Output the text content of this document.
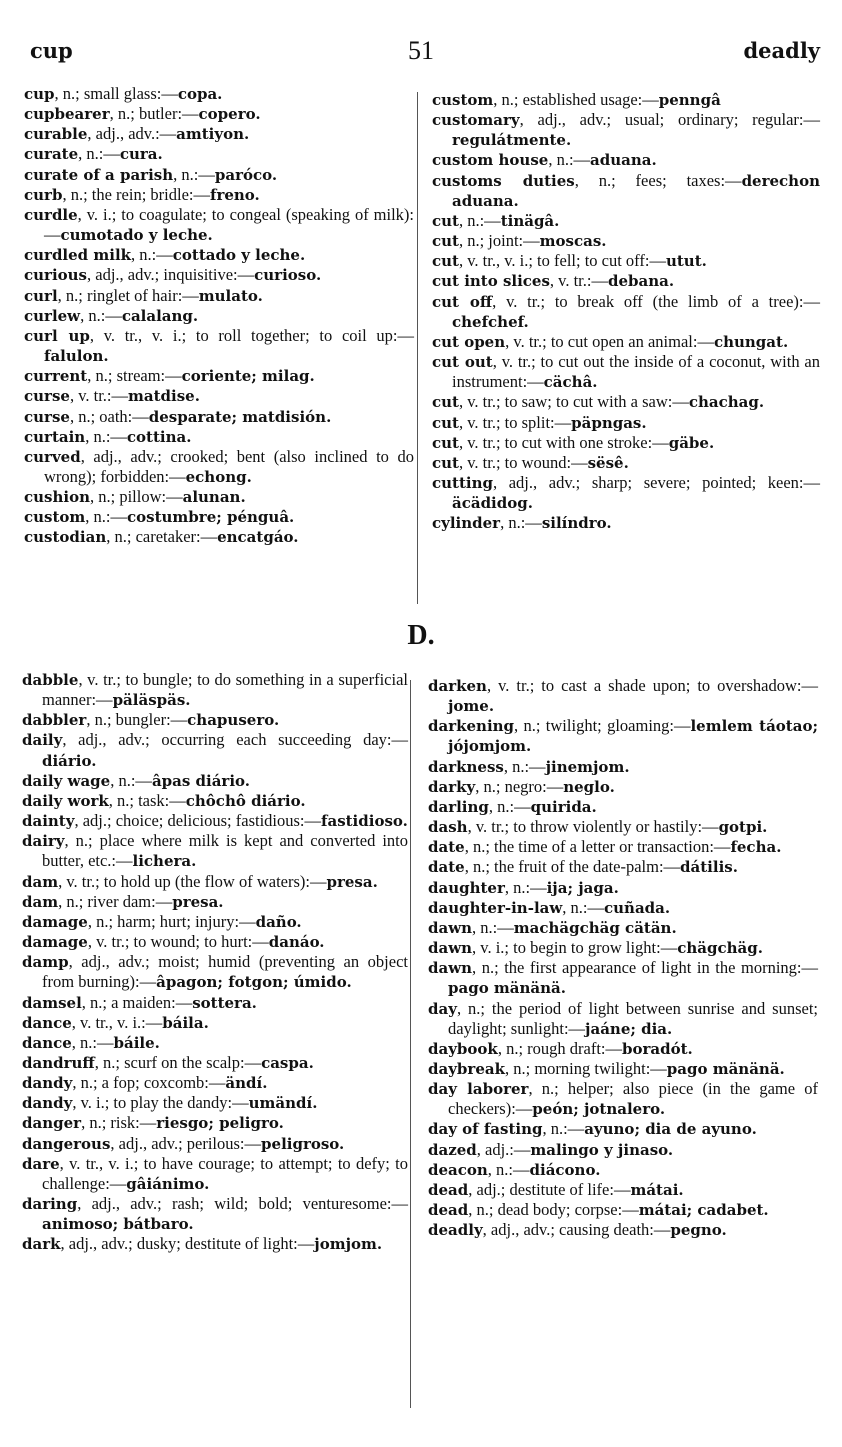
cup	51	deadly
cup, n.; small glass:—copa.
cupbearer, n.; butler:—copero.
curable, adj., adv.:—amtiyon.
curate, n.:—cura.
curate of a parish, n.:—paróco.
curb, n.; the rein; bridle:—freno.
curdle, v. i.; to coagulate; to congeal (speaking of milk):—cumotado y leche.
curdled milk, n.:—cottado y leche.
curious, adj., adv.; inquisitive:—curioso.
curl, n.; ringlet of hair:—mulato.
curlew, n.:—calalang.
curl up, v. tr., v. i.; to roll together; to coil up:—falulon.
current, n.; stream:—coriente; milag.
curse, v. tr.:—matdise.
curse, n.; oath:—desparate; matdisión.
curtain, n.:—cottina.
curved, adj., adv.; crooked; bent (also inclined to do wrong); forbidden:—echong.
cushion, n.; pillow:—alunan.
custom, n.:—costumbre; pénguâ.
custodian, n.; caretaker:—encatgáo.
custom, n.; established usage:—penngâ
customary, adj., adv.; usual; ordinary; regular:—regulátmente.
custom house, n.:—aduana.
customs duties, n.; fees; taxes:—derechon aduana.
cut, n.:—tinägâ.
cut, n.; joint:—moscas.
cut, v. tr., v. i.; to fell; to cut off:—utut.
cut into slices, v. tr.:—debana.
cut off, v. tr.; to break off (the limb of a tree):—chefchef.
cut open, v. tr.; to cut open an animal:—chungat.
cut out, v. tr.; to cut out the inside of a coconut, with an instrument:—cächâ.
cut, v. tr.; to saw; to cut with a saw:—chachag.
cut, v. tr.; to split:—päpngas.
cut, v. tr.; to cut with one stroke:—gäbe.
cut, v. tr.; to wound:—sësê.
cutting, adj., adv.; sharp; severe; pointed; keen:—äcädidog.
cylinder, n.:—silíndro.
D.
dabble, v. tr.; to bungle; to do something in a superficial manner:—päläspäs.
dabbler, n.; bungler:—chapusero.
daily, adj., adv.; occurring each succeeding day:—diário.
daily wage, n.:—âpas diário.
daily work, n.; task:—chôchô diário.
dainty, adj.; choice; delicious; fastidious:—fastidioso.
dairy, n.; place where milk is kept and converted into butter, etc.:—lichera.
dam, v. tr.; to hold up (the flow of waters):—presa.
dam, n.; river dam:—presa.
damage, n.; harm; hurt; injury:—daño.
damage, v. tr.; to wound; to hurt:—danáo.
damp, adj., adv.; moist; humid (preventing an object from burning):—âpagon; fotgon; úmido.
damsel, n.; a maiden:—sottera.
dance, v. tr., v. i.:—báila.
dance, n.:—báile.
dandruff, n.; scurf on the scalp:—caspa.
dandy, n.; a fop; coxcomb:—ändí.
dandy, v. i.; to play the dandy:—umändí.
danger, n.; risk:—riesgo; peligro.
dangerous, adj., adv.; perilous:—peligroso.
dare, v. tr., v. i.; to have courage; to attempt; to defy; to challenge:—gâiánimo.
daring, adj., adv.; rash; wild; bold; venturesome:—animoso; bátbaro.
dark, adj., adv.; dusky; destitute of light:—jomjom.
darken, v. tr.; to cast a shade upon; to overshadow:—jome.
darkening, n.; twilight; gloaming:—lemlem táotao; jójomjom.
darkness, n.:—jinemjom.
darky, n.; negro:—neglo.
darling, n.:—quirida.
dash, v. tr.; to throw violently or hastily:—gotpi.
date, n.; the time of a letter or transaction:—fecha.
date, n.; the fruit of the date-palm:—dátilis.
daughter, n.:—ija; jaga.
daughter-in-law, n.:—cuñada.
dawn, n.:—machägchäg cätän.
dawn, v. i.; to begin to grow light:—chägchäg.
dawn, n.; the first appearance of light in the morning:—pago mänänä.
day, n.; the period of light between sunrise and sunset; daylight; sunlight:—jaáne; dia.
daybook, n.; rough draft:—boradót.
daybreak, n.; morning twilight:—pago mänänä.
day laborer, n.; helper; also piece (in the game of checkers):—peón; jotnalero.
day of fasting, n.:—ayuno; dia de ayuno.
dazed, adj.:—malingo y jinaso.
deacon, n.:—diácono.
dead, adj.; destitute of life:—mátai.
dead, n.; dead body; corpse:—mátai; cadabet.
deadly, adj., adv.; causing death:—pegno.
